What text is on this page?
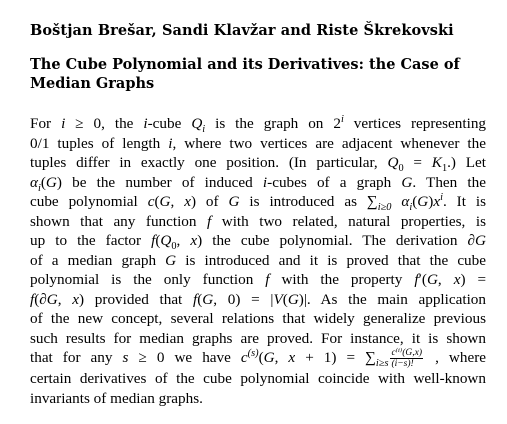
Boštjan Brešar, Sandi Klavžar and Riste Škrekovski
The Cube Polynomial and its Derivatives: the Case of
Median Graphs
For i ≥ 0, the i-cube $Q_i$ is the graph on 2$^i$ vertices representing
0/1 tuples of length i, where two vertices are adjacent whenever the
tuples differ in exactly one position. (In particular, $Q_0 = K_1$.) Let
$\alpha_i(G)$ be the number of induced i-cubes of a graph G. Then the
cube polynomial c(G, x) of G is introduced as $\sum_{i\ge 0}$ $\alpha_i(G)x^i$. It is
shown that any function f with two related, natural properties, is
up to the factor $f(Q_0$, x) the cube polynomial. The derivation ∂G
of a median graph G is introduced and it is proved that the cube
polynomial is the only function f with the property f′(G, x) =
f(∂G, x) provided that f(G, 0) = |V(G)|. As the main application
of the new concept, several relations that widely generalize previous
such results for median graphs are proved. For instance, it is shown
that for any s ≥ 0 we have $c^{(s)}(G$, $x + 1) = \sum_{i\ge s} \frac{\text{c⁽ⁱ⁾(G,x)}}{(i-s)!}$ , where
certain derivatives of the cube polynomial coincide with well-known
invariants of median graphs.
